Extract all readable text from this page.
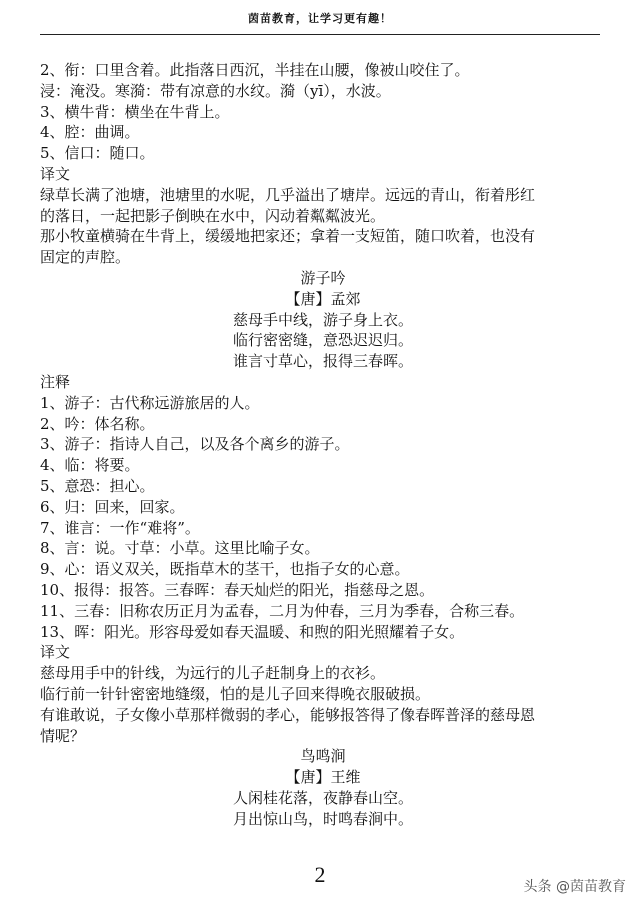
茵苗教育，让学习更有趣！
2、衔：口里含着。此指落日西沉，半挂在山腰，像被山咬住了。
浸：淹没。寒漪：带有凉意的水纹。漪（yī），水波。
3、横牛背：横坐在牛背上。
4、腔：曲调。
5、信口：随口。
译文
绿草长满了池塘，池塘里的水呢，几乎溢出了塘岸。远远的青山，衔着彤红
的落日，一起把影子倒映在水中，闪动着粼粼波光。
那小牧童横骑在牛背上，缓缓地把家还；拿着一支短笛，随口吹着，也没有
固定的声腔。
游子吟
【唐】孟郊
慈母手中线，游子身上衣。
临行密密缝，意恐迟迟归。
谁言寸草心，报得三春晖。
注释
1、游子：古代称远游旅居的人。
2、吟：体名称。
3、游子：指诗人自己，以及各个离乡的游子。
4、临：将要。
5、意恐：担心。
6、归：回来，回家。
7、谁言：一作“难将”。
8、言：说。寸草：小草。这里比喻子女。
9、心：语义双关，既指草木的茎干，也指子女的心意。
10、报得：报答。三春晖：春天灿烂的阳光，指慈母之恩。
11、三春：旧称农历正月为孟春，二月为仲春，三月为季春，合称三春。
13、晖：阳光。形容母爱如春天温暖、和煦的阳光照耀着子女。
译文
慈母用手中的针线，为远行的儿子赶制身上的衣衫。
临行前一针针密密地缝缀，怕的是儿子回来得晚衣服破损。
有谁敢说，子女像小草那样微弱的孝心，能够报答得了像春晖普泽的慈母恩
情呢？
鸟鸣涧
【唐】王维
人闲桂花落，夜静春山空。
月出惊山鸟，时鸣春涧中。
2	头条 @茵苗教育
